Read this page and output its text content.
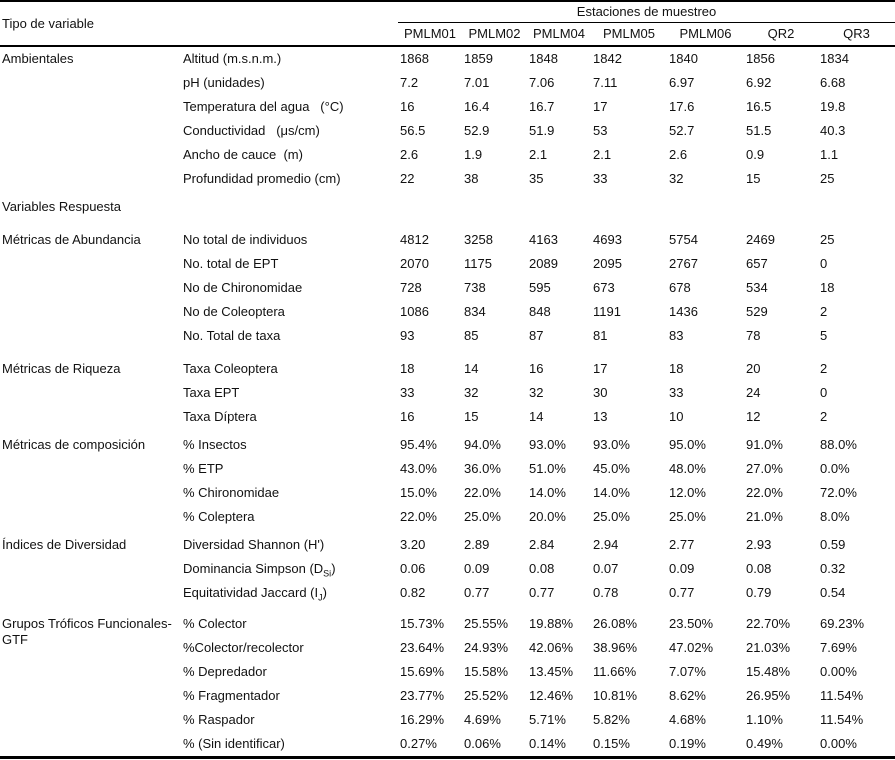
Tipo de variable		Estaciones de muestreo						
		PMLM01	PMLM02	PMLM04	PMLM05	PMLM06	QR2	QR3
Ambientales	Altitud (m.s.n.m.)	1868	1859	1848	1842	1840	1856	1834
	pH (unidades)	7.2	7.01	7.06	7.11	6.97	6.92	6.68
	Temperatura del agua   (°C)	16	16.4	16.7	17	17.6	16.5	19.8
	Conductividad   (μs/cm)	56.5	52.9	51.9	53	52.7	51.5	40.3
	Ancho de cauce  (m)	2.6	1.9	2.1	2.1	2.6	0.9	1.1
	Profundidad promedio (cm)	22	38	35	33	32	15	25
Variables Respuesta								
Métricas de Abundancia	No total de individuos	4812	3258	4163	4693	5754	2469	25
	No. total de EPT	2070	1175	2089	2095	2767	657	0
	No de Chironomidae	728	738	595	673	678	534	18
	No de Coleoptera	1086	834	848	1191	1436	529	2
	No. Total de taxa	93	85	87	81	83	78	5
Métricas de Riqueza	Taxa Coleoptera	18	14	16	17	18	20	2
	Taxa EPT	33	32	32	30	33	24	0
	Taxa Díptera	16	15	14	13	10	12	2
Métricas de composición	% Insectos	95.4%	94.0%	93.0%	93.0%	95.0%	91.0%	88.0%
	% ETP	43.0%	36.0%	51.0%	45.0%	48.0%	27.0%	0.0%
	% Chironomidae	15.0%	22.0%	14.0%	14.0%	12.0%	22.0%	72.0%
	% Coleptera	22.0%	25.0%	20.0%	25.0%	25.0%	21.0%	8.0%
Índices de Diversidad	Diversidad Shannon (H')	3.20	2.89	2.84	2.94	2.77	2.93	0.59
	Dominancia Simpson $(D_{Si})$	0.06	0.09	0.08	0.07	0.09	0.08	0.32
	Equitatividad Jaccard $(I_J)$	0.82	0.77	0.77	0.78	0.77	0.79	0.54
Grupos Tróficos Funcionales-GTF	% Colector	15.73%	25.55%	19.88%	26.08%	23.50%	22.70%	69.23%
	%Colector/recolector	23.64%	24.93%	42.06%	38.96%	47.02%	21.03%	7.69%
	% Depredador	15.69%	15.58%	13.45%	11.66%	7.07%	15.48%	0.00%
	% Fragmentador	23.77%	25.52%	12.46%	10.81%	8.62%	26.95%	11.54%
	% Raspador	16.29%	4.69%	5.71%	5.82%	4.68%	1.10%	11.54%
	% (Sin identificar)	0.27%	0.06%	0.14%	0.15%	0.19%	0.49%	0.00%
